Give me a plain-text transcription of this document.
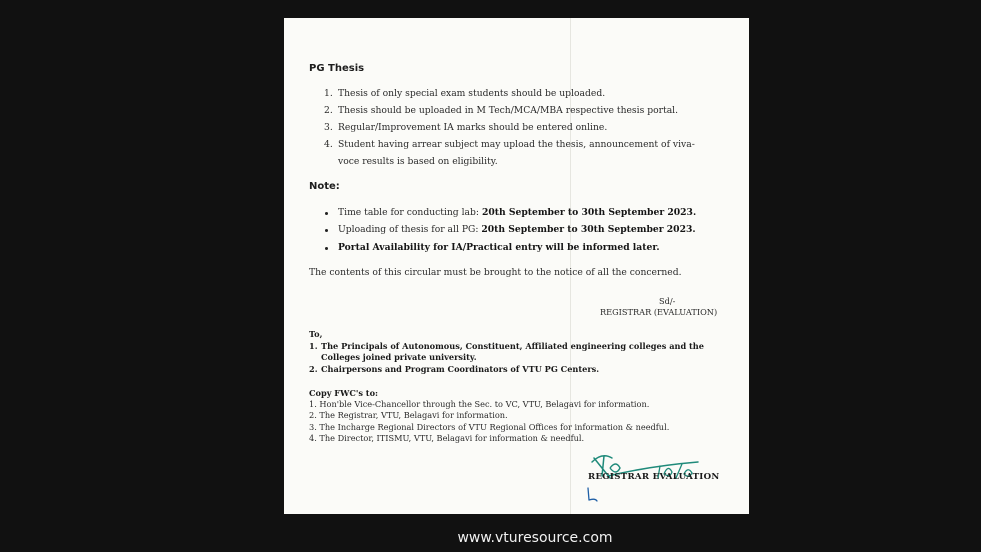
PG Thesis
1. Thesis of only special exam students should be uploaded.
2. Thesis should be uploaded in M Tech/MCA/MBA respective thesis portal.
3. Regular/Improvement IA marks should be entered online.
4. Student having arrear subject may upload the thesis, announcement of viva-
voce results is based on eligibility.
Note:
Time table for conducting lab: 20th September to 30th September 2023.
Uploading of thesis for all PG: 20th September to 30th September 2023.
Portal Availability for IA/Practical entry will be informed later.
The contents of this circular must be brought to the notice of all the concerned.
Sd/-
REGISTRAR (EVALUATION)
To,
1. The Principals of Autonomous, Constituent, Affiliated engineering colleges and the
Colleges joined private university.
2. Chairpersons and Program Coordinators of VTU PG Centers.
Copy FWC's to:
1. Hon'ble Vice-Chancellor through the Sec. to VC, VTU, Belagavi for information.
2. The Registrar, VTU, Belagavi for information.
3. The Incharge Regional Directors of VTU Regional Offices for information & needful.
4. The Director, ITISMU, VTU, Belagavi for information & needful.
REGISTRAR EVALUATION
www.vturesource.com
